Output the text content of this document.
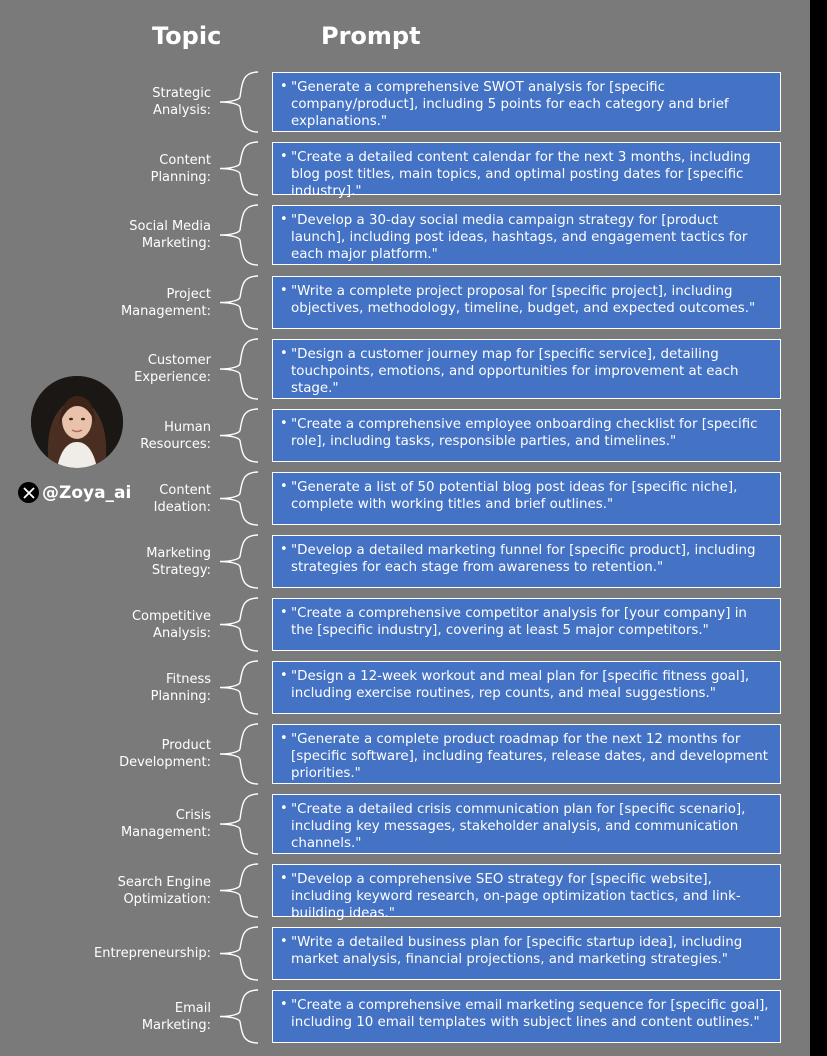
Topic	Prompt
Strategic
Analysis:
• "Generate a comprehensive SWOT analysis for [specific company/product], including 5 points for each category and brief explanations."
Content
Planning:
• "Create a detailed content calendar for the next 3 months, including blog post titles, main topics, and optimal posting dates for [specific industry]."
Social Media
Marketing:
• "Develop a 30-day social media campaign strategy for [product launch], including post ideas, hashtags, and engagement tactics for each major platform."
Project
Management:
• "Write a complete project proposal for [specific project], including objectives, methodology, timeline, budget, and expected outcomes."
Customer
Experience:
• "Design a customer journey map for [specific service], detailing touchpoints, emotions, and opportunities for improvement at each stage."
Human
Resources:
• "Create a comprehensive employee onboarding checklist for [specific role], including tasks, responsible parties, and timelines."
Content
Ideation:
• "Generate a list of 50 potential blog post ideas for [specific niche], complete with working titles and brief outlines."
Marketing
Strategy:
• "Develop a detailed marketing funnel for [specific product], including strategies for each stage from awareness to retention."
Competitive
Analysis:
• "Create a comprehensive competitor analysis for [your company] in the [specific industry], covering at least 5 major competitors."
Fitness
Planning:
• "Design a 12-week workout and meal plan for [specific fitness goal], including exercise routines, rep counts, and meal suggestions."
Product
Development:
• "Generate a complete product roadmap for the next 12 months for [specific software], including features, release dates, and development priorities."
Crisis
Management:
• "Create a detailed crisis communication plan for [specific scenario], including key messages, stakeholder analysis, and communication channels."
Search Engine
Optimization:
• "Develop a comprehensive SEO strategy for [specific website], including keyword research, on-page optimization tactics, and link-building ideas."
Entrepreneurship:
• "Write a detailed business plan for [specific startup idea], including market analysis, financial projections, and marketing strategies."
Email
Marketing:
• "Create a comprehensive email marketing sequence for [specific goal], including 10 email templates with subject lines and content outlines."
@Zoya_ai
